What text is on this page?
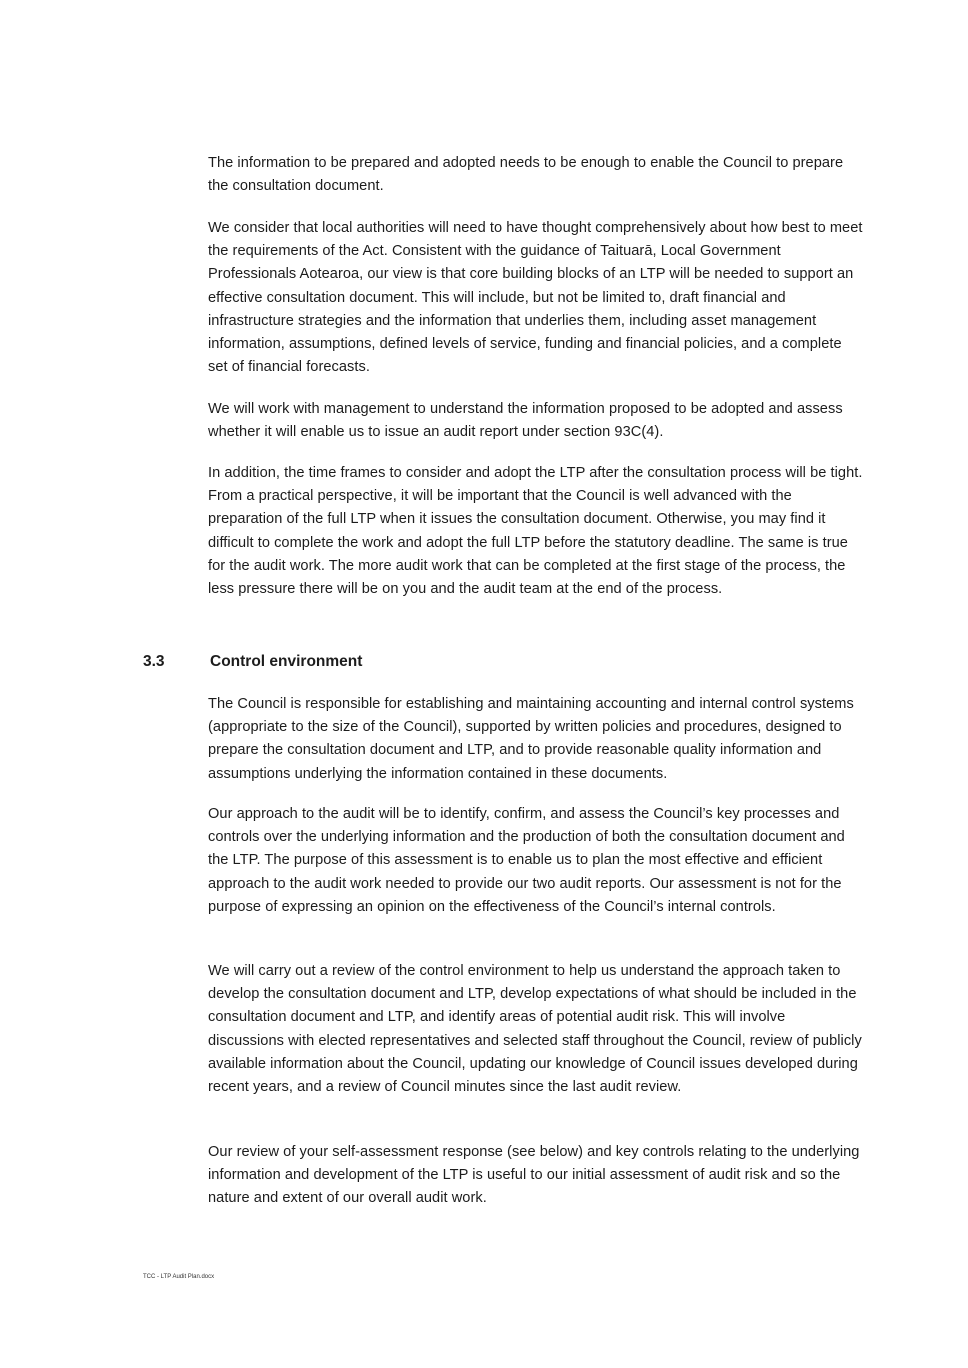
The information to be prepared and adopted needs to be enough to enable the Council to prepare the consultation document.

We consider that local authorities will need to have thought comprehensively about how best to meet the requirements of the Act. Consistent with the guidance of Taituarā, Local Government Professionals Aotearoa, our view is that core building blocks of an LTP will be needed to support an effective consultation document. This will include, but not be limited to, draft financial and infrastructure strategies and the information that underlies them, including asset management information, assumptions, defined levels of service, funding and financial policies, and a complete set of financial forecasts.

We will work with management to understand the information proposed to be adopted and assess whether it will enable us to issue an audit report under section 93C(4).

In addition, the time frames to consider and adopt the LTP after the consultation process will be tight. From a practical perspective, it will be important that the Council is well advanced with the preparation of the full LTP when it issues the consultation document. Otherwise, you may find it difficult to complete the work and adopt the full LTP before the statutory deadline. The same is true for the audit work. The more audit work that can be completed at the first stage of the process, the less pressure there will be on you and the audit team at the end of the process.

3.3	Control environment

The Council is responsible for establishing and maintaining accounting and internal control systems (appropriate to the size of the Council), supported by written policies and procedures, designed to prepare the consultation document and LTP, and to provide reasonable quality information and assumptions underlying the information contained in these documents.

Our approach to the audit will be to identify, confirm, and assess the Council’s key processes and controls over the underlying information and the production of both the consultation document and the LTP. The purpose of this assessment is to enable us to plan the most effective and efficient approach to the audit work needed to provide our two audit reports. Our assessment is not for the purpose of expressing an opinion on the effectiveness of the Council’s internal controls.

We will carry out a review of the control environment to help us understand the approach taken to develop the consultation document and LTP, develop expectations of what should be included in the consultation document and LTP, and identify areas of potential audit risk. This will involve discussions with elected representatives and selected staff throughout the Council, review of publicly available information about the Council, updating our knowledge of Council issues developed during recent years, and a review of Council minutes since the last audit review.

Our review of your self-assessment response (see below) and key controls relating to the underlying information and development of the LTP is useful to our initial assessment of audit risk and so the nature and extent of our overall audit work.

TCC - LTP Audit Plan.docx
